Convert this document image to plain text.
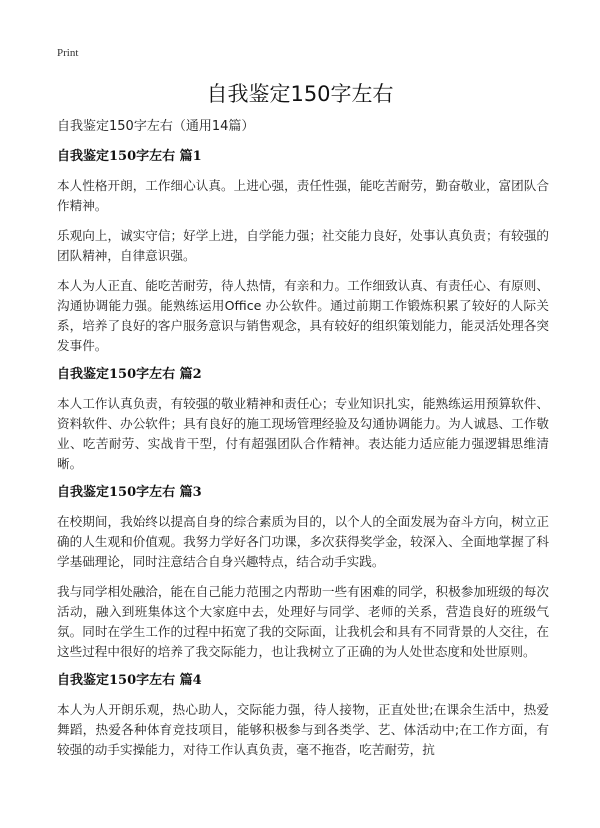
Print
自我鉴定150字左右

自我鉴定150字左右（通用14篇）

自我鉴定150字左右 篇1

本人性格开朗，工作细心认真。上进心强，责任性强，能吃苦耐劳，勤奋敬业，富团队合作精神。

乐观向上，诚实守信；好学上进，自学能力强；社交能力良好，处事认真负责；有较强的团队精神，自律意识强。

本人为人正直、能吃苦耐劳，待人热情，有亲和力。工作细致认真、有责任心、有原则、沟通协调能力强。能熟练运用Office 办公软件。通过前期工作锻炼积累了较好的人际关系，培养了良好的客户服务意识与销售观念，具有较好的组织策划能力，能灵活处理各突发事件。

自我鉴定150字左右 篇2

本人工作认真负责，有较强的敬业精神和责任心；专业知识扎实，能熟练运用预算软件、资料软件、办公软件；具有良好的施工现场管理经验及勾通协调能力。为人诚恳、工作敬业、吃苦耐劳、实战肯干型，付有超强团队合作精神。表达能力适应能力强逻辑思维清晰。

自我鉴定150字左右 篇3

在校期间，我始终以提高自身的综合素质为目的，以个人的全面发展为奋斗方向，树立正确的人生观和价值观。我努力学好各门功课，多次获得奖学金，较深入、全面地掌握了科学基础理论，同时注意结合自身兴趣特点，结合动手实践。

我与同学相处融洽，能在自己能力范围之内帮助一些有困难的同学，积极参加班级的每次活动，融入到班集体这个大家庭中去，处理好与同学、老师的关系，营造良好的班级气氛。同时在学生工作的过程中拓宽了我的交际面，让我机会和具有不同背景的人交往，在这些过程中很好的培养了我交际能力，也让我树立了正确的为人处世态度和处世原则。

自我鉴定150字左右 篇4

本人为人开朗乐观，热心助人，交际能力强，待人接物，正直处世;在课余生活中，热爱舞蹈，热爱各种体育竞技项目，能够积极参与到各类学、艺、体活动中;在工作方面，有较强的动手实操能力，对待工作认真负责，毫不拖沓，吃苦耐劳，抗
